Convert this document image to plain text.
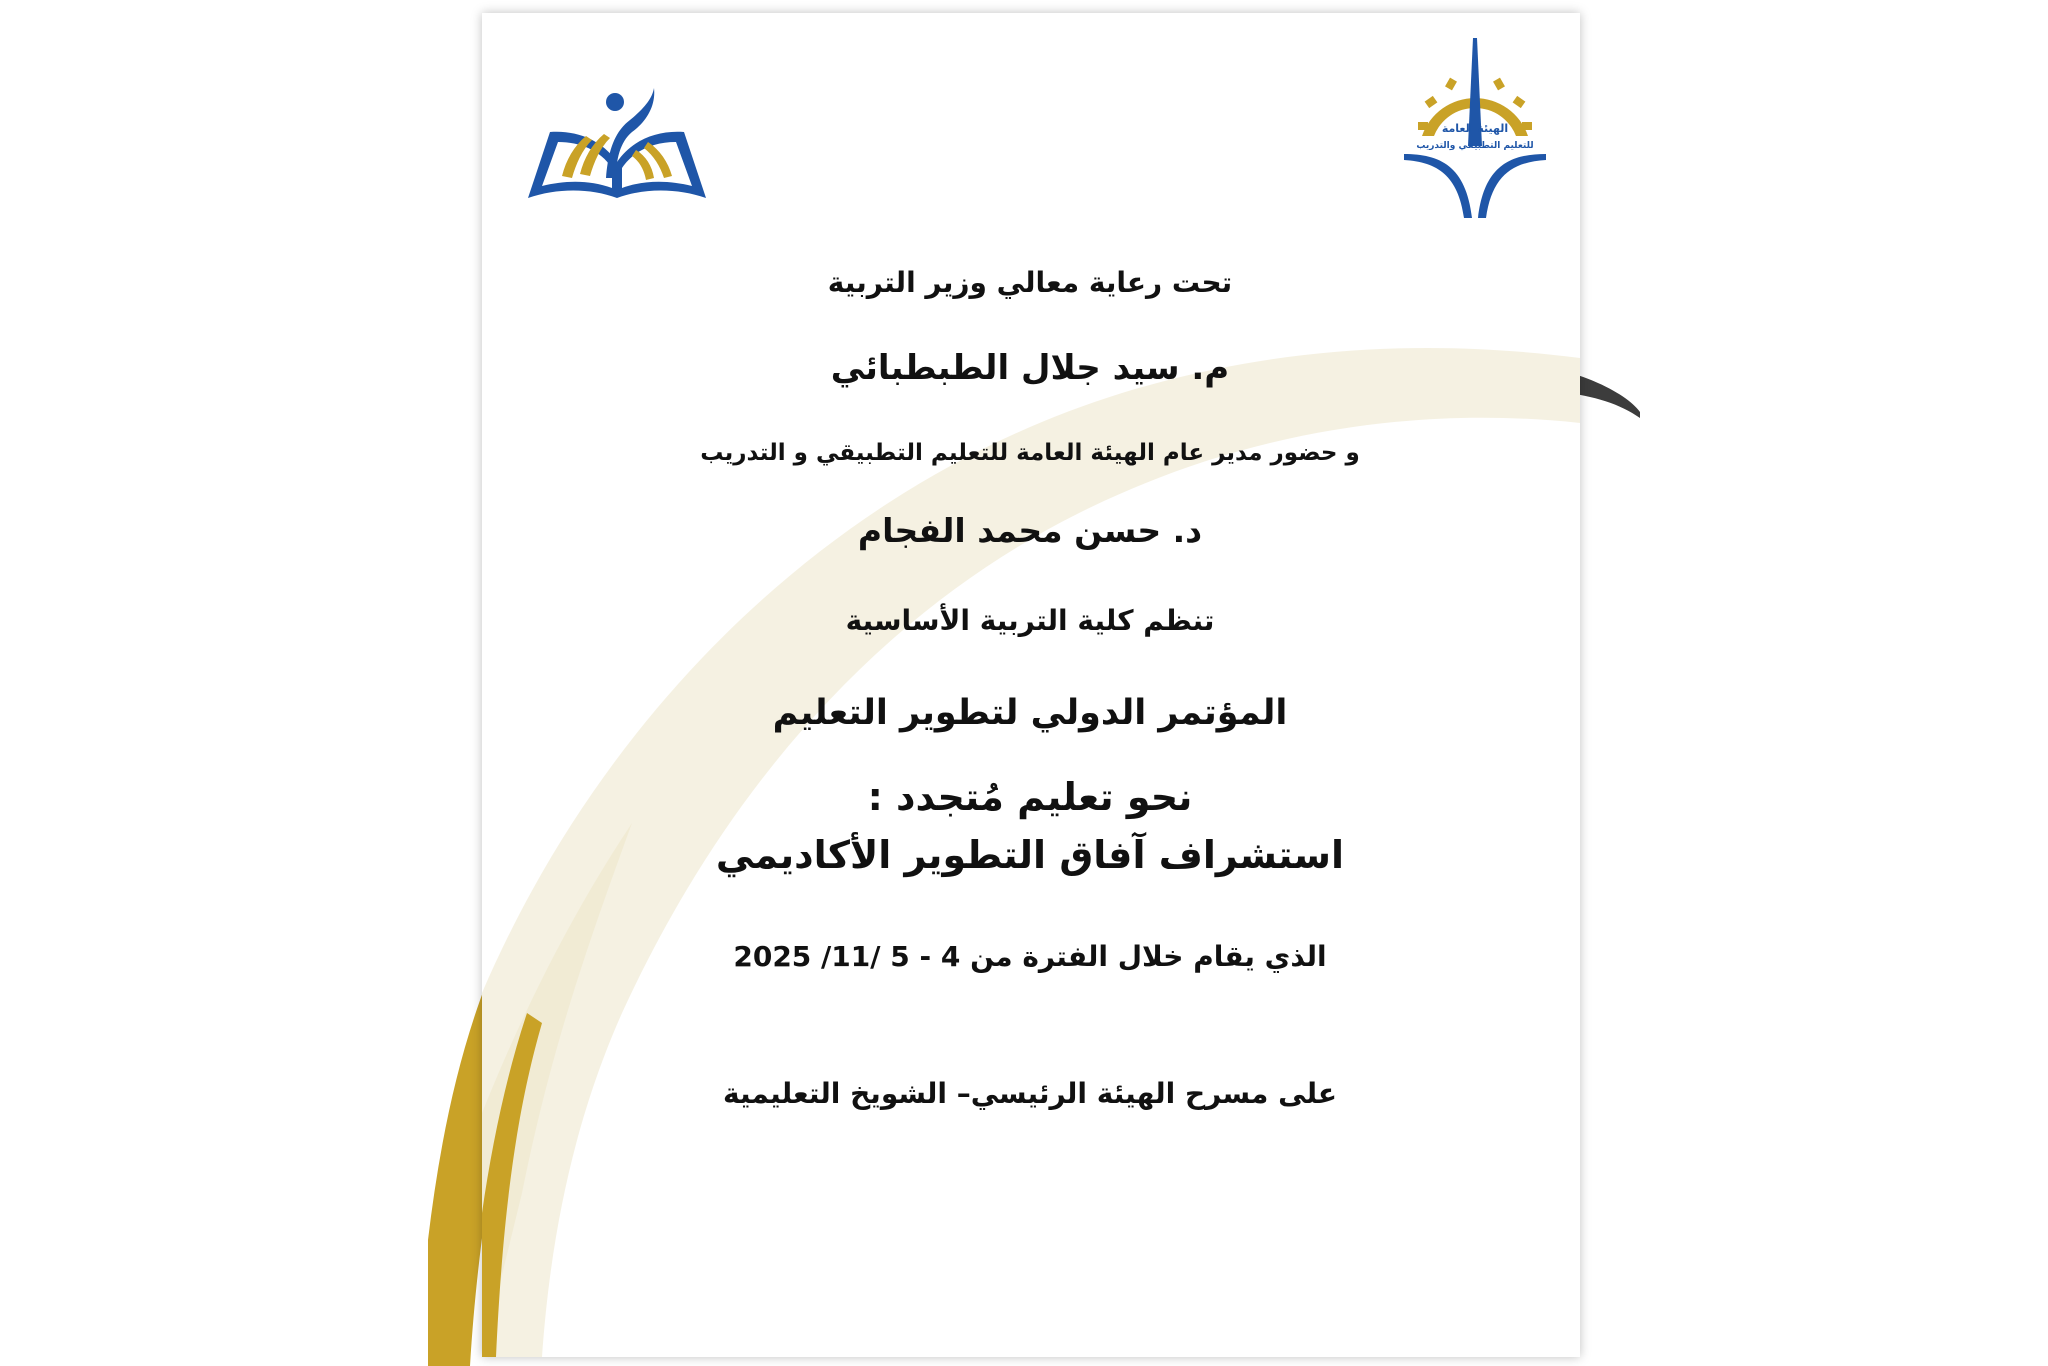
الهيئة العامة
للتعليم التطبيقي والتدريب
تحت رعاية معالي وزير التربية
م. سيد جلال الطبطبائي
و حضور مدير عام الهيئة العامة للتعليم التطبيقي و التدريب
د. حسن محمد الفجام
تنظم كلية التربية الأساسية
المؤتمر الدولي لتطوير التعليم
نحو تعليم مُتجدد :
استشراف آفاق التطوير الأكاديمي
الذي يقام خلال الفترة من 4 - 5 /11/ 2025
على مسرح الهيئة الرئيسي– الشويخ التعليمية
